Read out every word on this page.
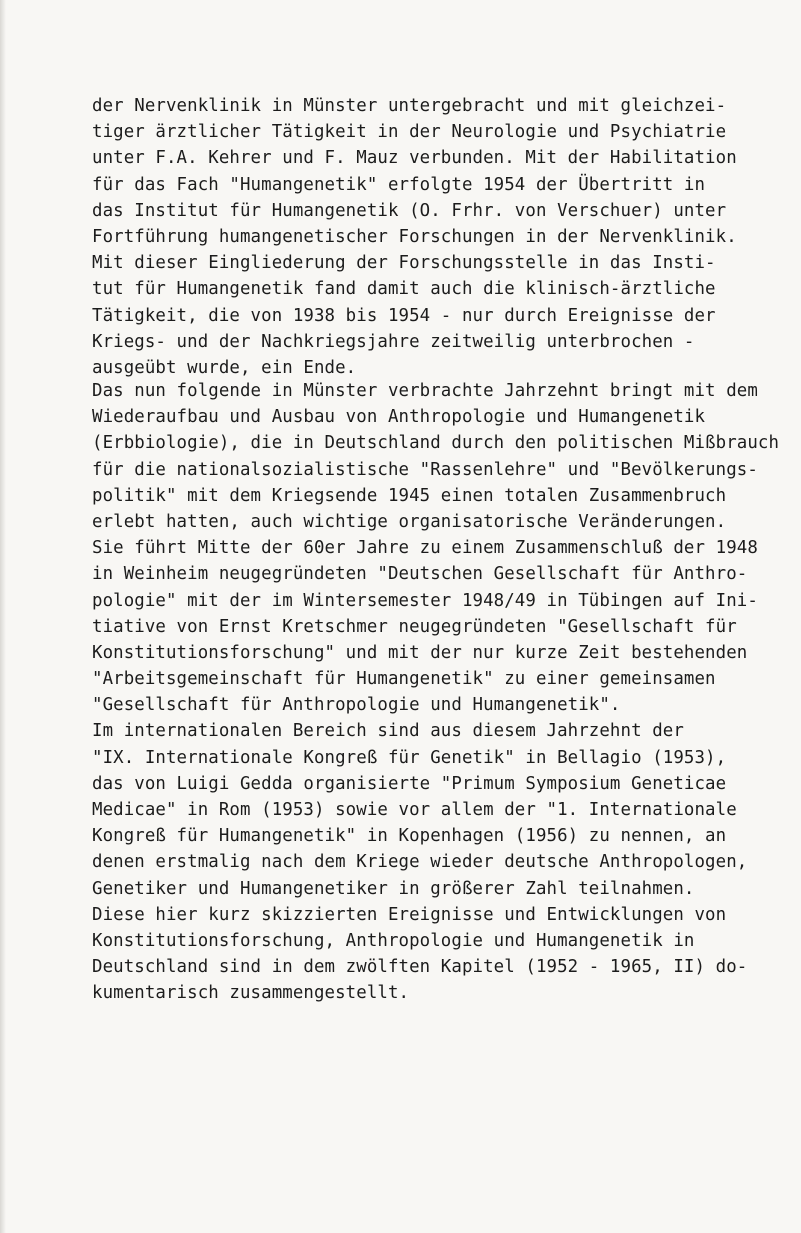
der Nervenklinik in Münster untergebracht und mit gleichzei-
tiger ärztlicher Tätigkeit in der Neurologie und Psychiatrie
unter F.A. Kehrer und F. Mauz verbunden. Mit der Habilitation
für das Fach "Humangenetik" erfolgte 1954 der Übertritt in
das Institut für Humangenetik (O. Frhr. von Verschuer) unter
Fortführung humangenetischer Forschungen in der Nervenklinik.
Mit dieser Eingliederung der Forschungsstelle in das Insti-
tut für Humangenetik fand damit auch die klinisch-ärztliche
Tätigkeit, die von 1938 bis 1954 - nur durch Ereignisse der
Kriegs- und der Nachkriegsjahre zeitweilig unterbrochen -
ausgeübt wurde, ein Ende.
Das nun folgende in Münster verbrachte Jahrzehnt bringt mit dem
Wiederaufbau und Ausbau von Anthropologie und Humangenetik
(Erbbiologie), die in Deutschland durch den politischen Mißbrauch
für die nationalsozialistische "Rassenlehre" und "Bevölkerungs-
politik" mit dem Kriegsende 1945 einen totalen Zusammenbruch
erlebt hatten, auch wichtige organisatorische Veränderungen.
Sie führt Mitte der 60er Jahre zu einem Zusammenschluß der 1948
in Weinheim neugegründeten "Deutschen Gesellschaft für Anthro-
pologie" mit der im Wintersemester 1948/49 in Tübingen auf Ini-
tiative von Ernst Kretschmer neugegründeten "Gesellschaft für
Konstitutionsforschung" und mit der nur kurze Zeit bestehenden
"Arbeitsgemeinschaft für Humangenetik" zu einer gemeinsamen
"Gesellschaft für Anthropologie und Humangenetik".
Im internationalen Bereich sind aus diesem Jahrzehnt der
"IX. Internationale Kongreß für Genetik" in Bellagio (1953),
das von Luigi Gedda organisierte "Primum Symposium Geneticae
Medicae" in Rom (1953) sowie vor allem der "1. Internationale
Kongreß für Humangenetik" in Kopenhagen (1956) zu nennen, an
denen erstmalig nach dem Kriege wieder deutsche Anthropologen,
Genetiker und Humangenetiker in größerer Zahl teilnahmen.
Diese hier kurz skizzierten Ereignisse und Entwicklungen von
Konstitutionsforschung, Anthropologie und Humangenetik in
Deutschland sind in dem zwölften Kapitel (1952 - 1965, II) do-
kumentarisch zusammengestellt.
